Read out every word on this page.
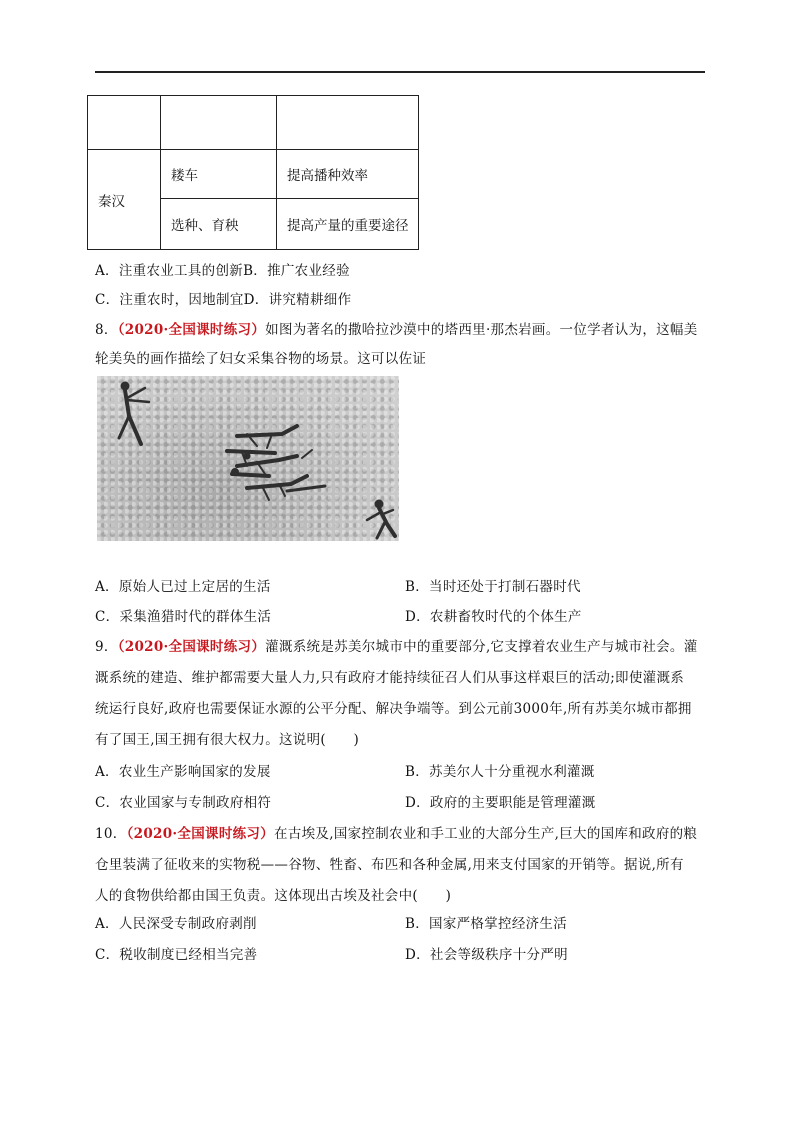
秦汉	耧车	提高播种效率
	选种、育秧	提高产量的重要途径
A．注重农业工具的创新B．推广农业经验
C．注重农时，因地制宜D．讲究精耕细作
8．（2020·全国课时练习）如图为著名的撒哈拉沙漠中的塔西里·那杰岩画。一位学者认为，这幅美
轮美奂的画作描绘了妇女采集谷物的场景。这可以佐证
A．原始人已过上定居的生活	B．当时还处于打制石器时代
C．采集渔猎时代的群体生活	D．农耕畜牧时代的个体生产
9．（2020·全国课时练习）灌溉系统是苏美尔城市中的重要部分,它支撑着农业生产与城市社会。灌
溉系统的建造、维护都需要大量人力,只有政府才能持续征召人们从事这样艰巨的活动;即使灌溉系
统运行良好,政府也需要保证水源的公平分配、解决争端等。到公元前3000年,所有苏美尔城市都拥
有了国王,国王拥有很大权力。这说明(　　)
A．农业生产影响国家的发展	B．苏美尔人十分重视水利灌溉
C．农业国家与专制政府相符	D．政府的主要职能是管理灌溉
10．（2020·全国课时练习）在古埃及,国家控制农业和手工业的大部分生产,巨大的国库和政府的粮
仓里装满了征收来的实物税——谷物、牲畜、布匹和各种金属,用来支付国家的开销等。据说,所有
人的食物供给都由国王负责。这体现出古埃及社会中(　　)
A．人民深受专制政府剥削	B．国家严格掌控经济生活
C．税收制度已经相当完善	D．社会等级秩序十分严明
